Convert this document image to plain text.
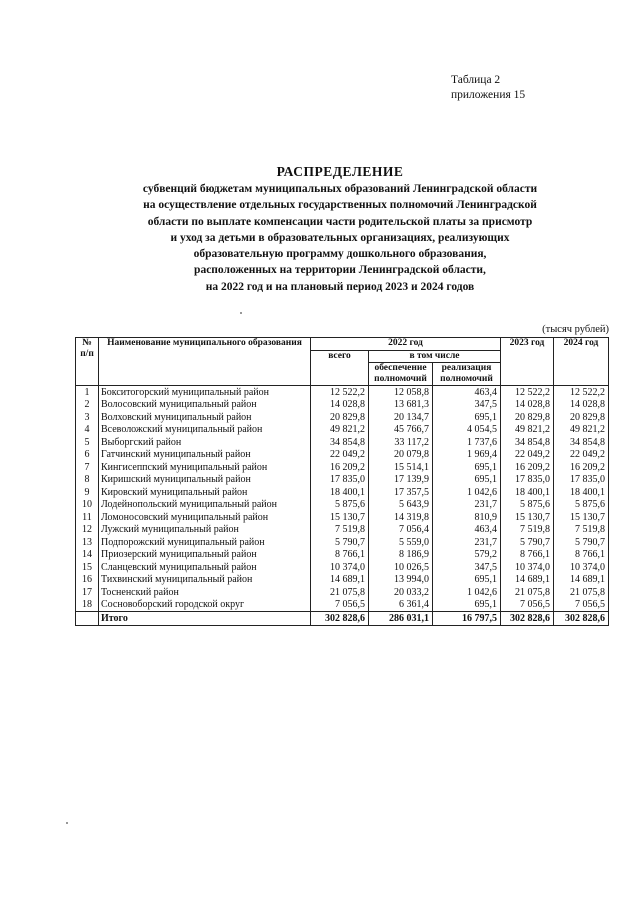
Таблица 2
приложения 15
РАСПРЕДЕЛЕНИЕ
субвенций бюджетам муниципальных образований Ленинградской области
на осуществление отдельных государственных полномочий Ленинградской
области по выплате компенсации части родительской платы за присмотр
и уход за детьми в образовательных организациях, реализующих
образовательную программу дошкольного образования,
расположенных на территории Ленинградской области,
на 2022 год и на плановый период 2023 и 2024 годов
(тысяч рублей)
№ п/п	Наименование муниципального образования	2022 год			2023 год	2024 год
		всего	в том числе			
			обеспечение полномочий	реализация полномочий		
1	Бокситогорский муниципальный район	12 522,2	12 058,8	463,4	12 522,2	12 522,2
2	Волосовский муниципальный район	14 028,8	13 681,3	347,5	14 028,8	14 028,8
3	Волховский муниципальный район	20 829,8	20 134,7	695,1	20 829,8	20 829,8
4	Всеволожский муниципальный район	49 821,2	45 766,7	4 054,5	49 821,2	49 821,2
5	Выборгский район	34 854,8	33 117,2	1 737,6	34 854,8	34 854,8
6	Гатчинский муниципальный район	22 049,2	20 079,8	1 969,4	22 049,2	22 049,2
7	Кингисеппский муниципальный район	16 209,2	15 514,1	695,1	16 209,2	16 209,2
8	Киришский муниципальный район	17 835,0	17 139,9	695,1	17 835,0	17 835,0
9	Кировский муниципальный район	18 400,1	17 357,5	1 042,6	18 400,1	18 400,1
10	Лодейнопольский муниципальный район	5 875,6	5 643,9	231,7	5 875,6	5 875,6
11	Ломоносовский муниципальный район	15 130,7	14 319,8	810,9	15 130,7	15 130,7
12	Лужский муниципальный район	7 519,8	7 056,4	463,4	7 519,8	7 519,8
13	Подпорожский муниципальный район	5 790,7	5 559,0	231,7	5 790,7	5 790,7
14	Приозерский муниципальный район	8 766,1	8 186,9	579,2	8 766,1	8 766,1
15	Сланцевский муниципальный район	10 374,0	10 026,5	347,5	10 374,0	10 374,0
16	Тихвинский муниципальный район	14 689,1	13 994,0	695,1	14 689,1	14 689,1
17	Тосненский район	21 075,8	20 033,2	1 042,6	21 075,8	21 075,8
18	Сосновоборский городской округ	7 056,5	6 361,4	695,1	7 056,5	7 056,5
	Итого	302 828,6	286 031,1	16 797,5	302 828,6	302 828,6
